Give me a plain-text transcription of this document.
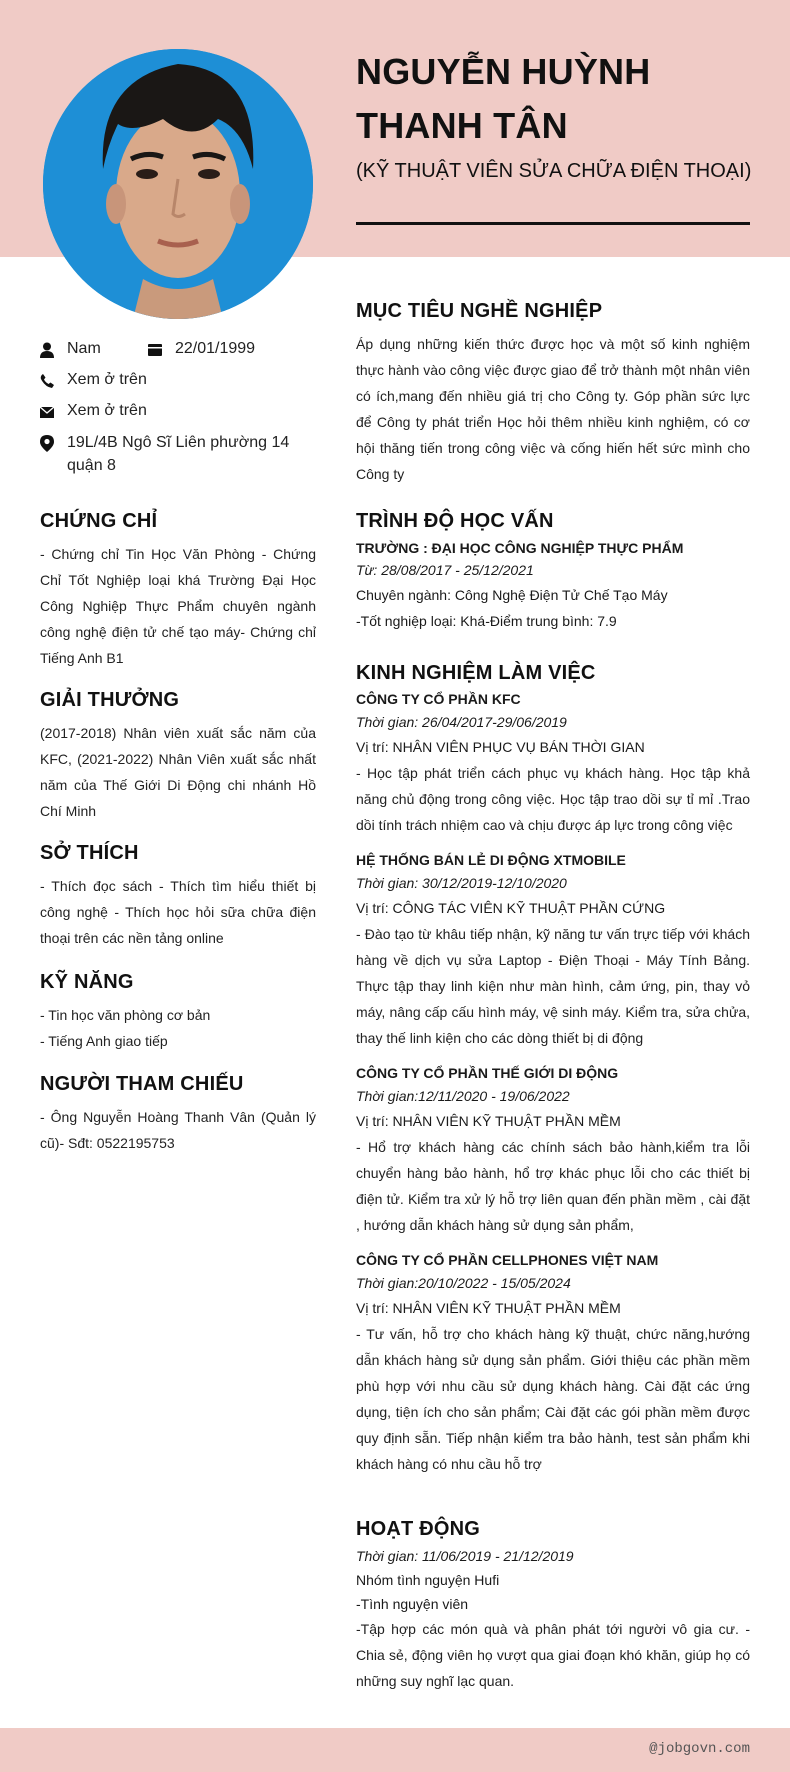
NGUYỄN HUỲNH THANH TÂN
(KỸ THUẬT VIÊN SỬA CHỮA ĐIỆN THOẠI)
Nam	22/01/1999
Xem ở trên
Xem ở trên
19L/4B Ngô Sĩ Liên phường 14 quận 8
CHỨNG CHỈ
- Chứng chỉ Tin Học Văn Phòng - Chứng Chỉ Tốt Nghiệp loại khá Trường Đại Học Công Nghiệp Thực Phẩm chuyên ngành công nghệ điện tử chế tạo máy- Chứng chỉ Tiếng Anh B1
GIẢI THƯỞNG
(2017-2018) Nhân viên xuất sắc năm của KFC, (2021-2022) Nhân Viên xuất sắc nhất năm của Thế Giới Di Động chi nhánh Hồ Chí Minh
SỞ THÍCH
- Thích đọc sách - Thích tìm hiểu thiết bị công nghệ - Thích học hỏi sữa chữa điện thoại trên các nền tảng online
KỸ NĂNG
- Tin học văn phòng cơ bản
- Tiếng Anh giao tiếp
NGƯỜI THAM CHIẾU
- Ông Nguyễn Hoàng Thanh Vân (Quản lý cũ)- Sđt: 0522195753
MỤC TIÊU NGHỀ NGHIỆP
Áp dụng những kiến thức được học và một số kinh nghiệm thực hành vào công việc được giao để trở thành một nhân viên có ích,mang đến nhiều giá trị cho Công ty. Góp phần sức lực để Công ty phát triển Học hỏi thêm nhiều kinh nghiệm, có cơ hội thăng tiến trong công việc và cống hiến hết sức mình cho Công ty
TRÌNH ĐỘ HỌC VẤN
TRƯỜNG : ĐẠI HỌC CÔNG NGHIỆP THỰC PHẨM
Từ: 28/08/2017 - 25/12/2021
Chuyên ngành: Công Nghệ Điện Tử Chế Tạo Máy
-Tốt nghiệp loại: Khá-Điểm trung bình: 7.9
KINH NGHIỆM LÀM VIỆC
CÔNG TY CỔ PHẦN KFC
Thời gian: 26/04/2017-29/06/2019
Vị trí: NHÂN VIÊN PHỤC VỤ BÁN THỜI GIAN
- Học tập phát triển cách phục vụ khách hàng. Học tập khả năng chủ động trong công việc. Học tập trao dồi sự tỉ mỉ .Trao dồi tính trách nhiệm cao và chịu được áp lực trong công việc
HỆ THỐNG BÁN LẺ DI ĐỘNG XTMOBILE
Thời gian: 30/12/2019-12/10/2020
Vị trí: CÔNG TÁC VIÊN KỸ THUẬT PHẦN CỨNG
- Đào tạo từ khâu tiếp nhận, kỹ năng tư vấn trực tiếp với khách hàng về dịch vụ sửa Laptop - Điện Thoại - Máy Tính Bảng. Thực tập thay linh kiện như màn hình, cảm ứng, pin, thay vỏ máy, nâng cấp cấu hình máy, vệ sinh máy. Kiểm tra, sửa chửa, thay thế linh kiện cho các dòng thiết bị di động
CÔNG TY CỔ PHẦN THẾ GIỚI DI ĐỘNG
Thời gian:12/11/2020 - 19/06/2022
Vị trí: NHÂN VIÊN KỸ THUẬT PHẦN MỀM
- Hổ trợ khách hàng các chính sách bảo hành,kiểm tra lỗi chuyển hàng bảo hành, hổ trợ khác phục lỗi cho các thiết bị điện tử. Kiểm tra xử lý hỗ trợ liên quan đến phần mềm , cài đặt , hướng dẫn khách hàng sử dụng sản phẩm,
CÔNG TY CỔ PHẦN CELLPHONES VIỆT NAM
Thời gian:20/10/2022 - 15/05/2024
Vị trí: NHÂN VIÊN KỸ THUẬT PHẦN MỀM
- Tư vấn, hỗ trợ cho khách hàng kỹ thuật, chức năng,hướng dẫn khách hàng sử dụng sản phẩm. Giới thiệu các phần mềm phù hợp với nhu cầu sử dụng khách hàng. Cài đặt các ứng dụng, tiện ích cho sản phẩm; Cài đặt các gói phần mềm được quy định sẵn. Tiếp nhận kiểm tra bảo hành, test sản phẩm khi khách hàng có nhu cầu hỗ trợ
HOẠT ĐỘNG
Thời gian: 11/06/2019 - 21/12/2019
Nhóm tình nguyện Hufi
-Tình nguyện viên
-Tập hợp các món quà và phân phát tới người vô gia cư. - Chia sẻ, động viên họ vượt qua giai đoạn khó khăn, giúp họ có những suy nghĩ lạc quan.
@jobgovn.com
